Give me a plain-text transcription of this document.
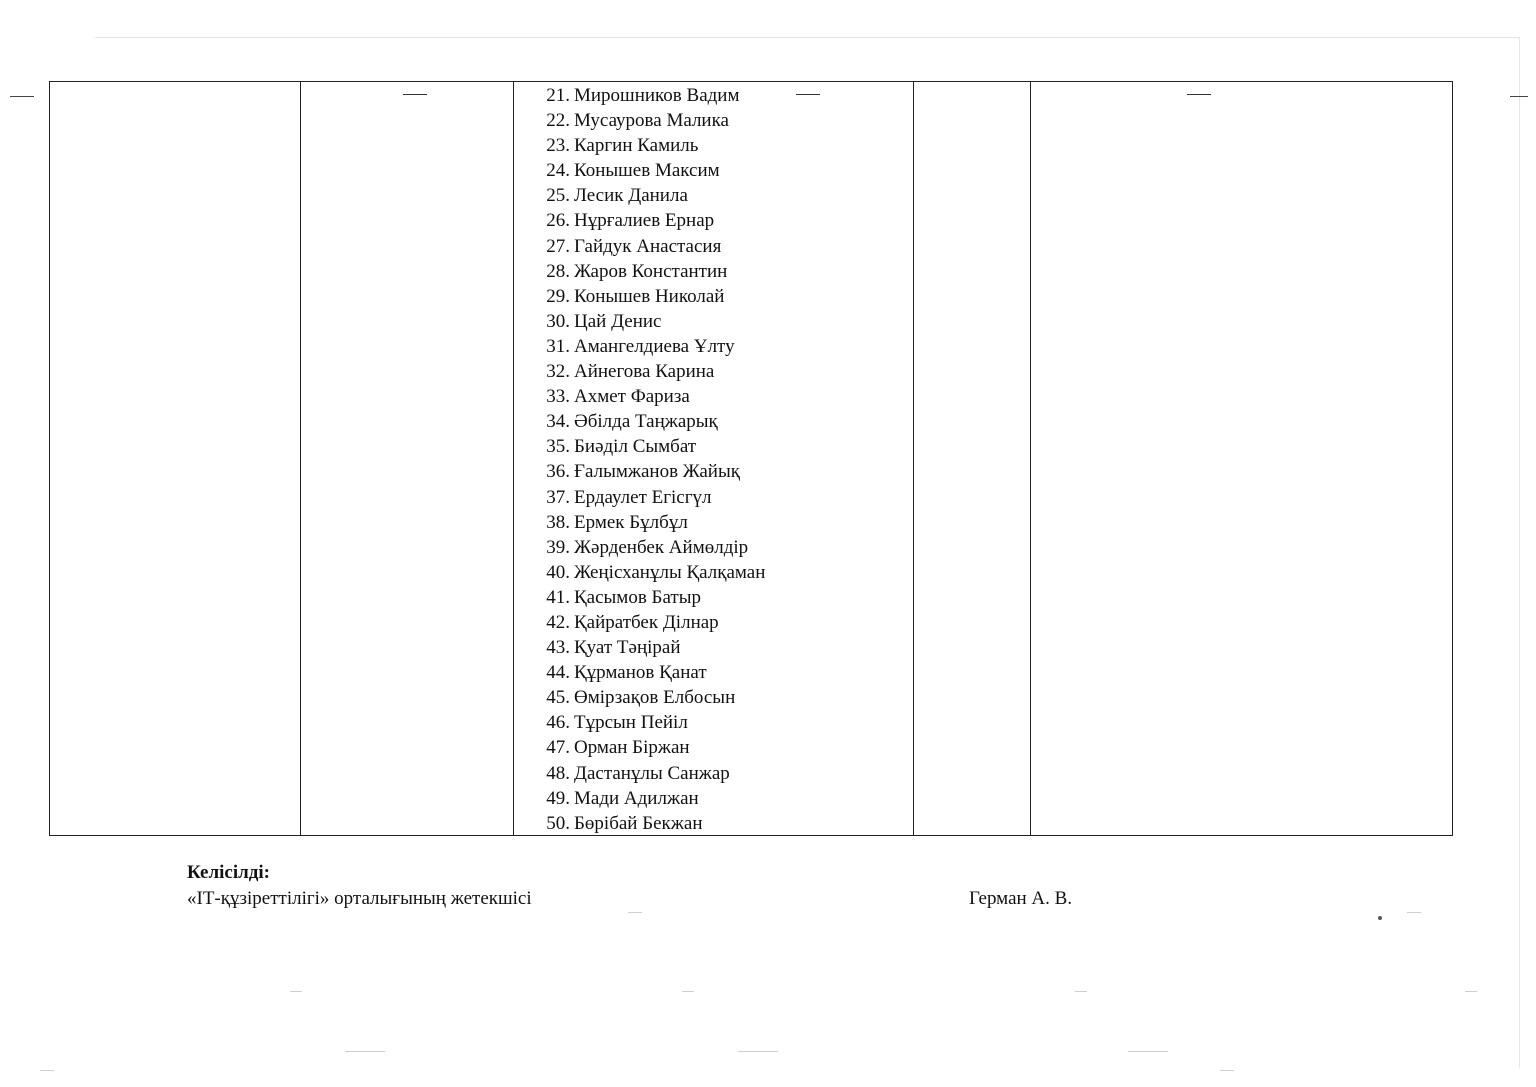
21. Мирошников Вадим
22. Мусаурова Малика
23. Каргин Камиль
24. Конышев Максим
25. Лесик Данила
26. Нұрғалиев Ернар
27. Гайдук Анастасия
28. Жаров Константин
29. Конышев Николай
30. Цай Денис
31. Амангелдиева Ұлту
32. Айнегова Карина
33. Ахмет Фариза
34. Әбілда Таңжарық
35. Биәділ Сымбат
36. Ғалымжанов Жайық
37. Ердаулет Егісгүл
38. Ермек Бұлбұл
39. Жәрденбек Аймөлдір
40. Жеңісханұлы Қалқаман
41. Қасымов Батыр
42. Қайратбек Ділнар
43. Қуат Тәңірай
44. Құрманов Қанат
45. Өмірзақов Елбосын
46. Тұрсын Пейіл
47. Орман Біржан
48. Дастанұлы Санжар
49. Мади Адилжан
50. Бөрібай Бекжан
Келісілді:
«ІТ-құзіреттілігі» орталығының жетекшісі	Герман А. В.
